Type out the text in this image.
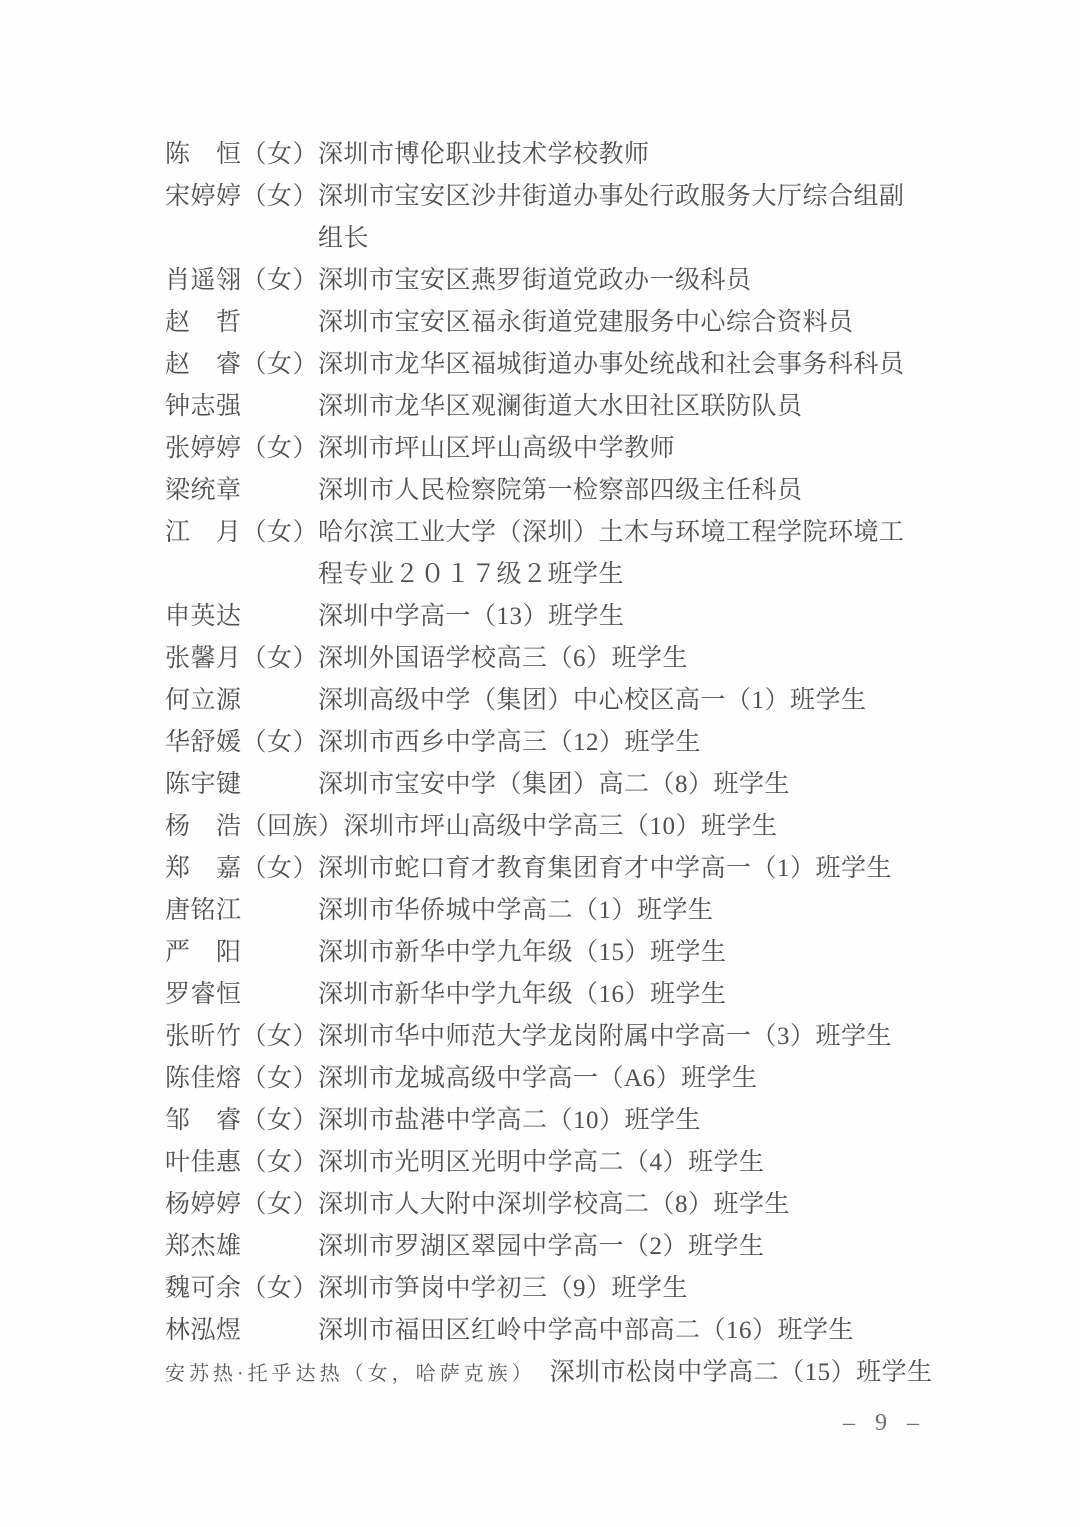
陈　恒（女） 深圳市博伦职业技术学校教师
宋婷婷（女） 深圳市宝安区沙井街道办事处行政服务大厅综合组副组长
肖遥翎（女） 深圳市宝安区燕罗街道党政办一级科员
赵　哲	深圳市宝安区福永街道党建服务中心综合资料员
赵　睿（女） 深圳市龙华区福城街道办事处统战和社会事务科科员
钟志强	深圳市龙华区观澜街道大水田社区联防队员
张婷婷（女） 深圳市坪山区坪山高级中学教师
梁统章	深圳市人民检察院第一检察部四级主任科员
江　月（女） 哈尔滨工业大学（深圳）土木与环境工程学院环境工
程专业２０１７级２班学生
申英达	深圳中学高一（13）班学生
张馨月（女） 深圳外国语学校高三（6）班学生
何立源	深圳高级中学（集团）中心校区高一（1）班学生
华舒媛（女） 深圳市西乡中学高三（12）班学生
陈宇键	深圳市宝安中学（集团）高二（8）班学生
杨　浩（回族） 深圳市坪山高级中学高三（10）班学生
郑　嘉（女） 深圳市蛇口育才教育集团育才中学高一（1）班学生
唐铭江	深圳市华侨城中学高二（1）班学生
严　阳	深圳市新华中学九年级（15）班学生
罗睿恒	深圳市新华中学九年级（16）班学生
张昕竹（女） 深圳市华中师范大学龙岗附属中学高一（3）班学生
陈佳熔（女） 深圳市龙城高级中学高一（A6）班学生
邹　睿（女） 深圳市盐港中学高二（10）班学生
叶佳惠（女） 深圳市光明区光明中学高二（4）班学生
杨婷婷（女） 深圳市人大附中深圳学校高二（8）班学生
郑杰雄	深圳市罗湖区翠园中学高一（2）班学生
魏可余（女） 深圳市笋岗中学初三（9）班学生
林泓煜	深圳市福田区红岭中学高中部高二（16）班学生
安苏热·托乎达热（女，哈萨克族） 深圳市松岗中学高二（15）班学生
– 9 –
